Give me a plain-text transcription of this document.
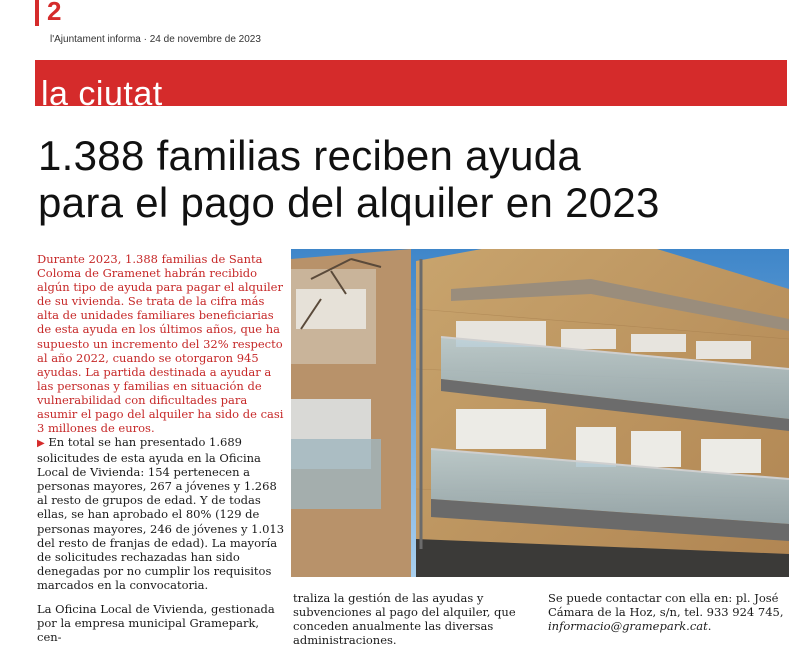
2
l'Ajuntament informa · 24 de novembre de 2023
la ciutat
1.388 familias reciben ayuda
para el pago del alquiler en 2023
Durante 2023, 1.388 familias de Santa Coloma de Gramenet habrán recibido algún tipo de ayuda para pagar el alquiler de su vivienda. Se trata de la cifra más alta de unidades familiares beneficiarias de esta ayuda en los últimos años, que ha supuesto un incremento del 32% respecto al año 2022, cuando se otorgaron 945 ayudas. La partida destinada a ayudar a las personas y familias en situación de vulnerabilidad con dificultades para asumir el pago del alquiler ha sido de casi 3 millones de euros.
▶ En total se han presentado 1.689 solicitudes de esta ayuda en la Oficina Local de Vivienda: 154 pertenecen a personas mayores, 267 a jóvenes y 1.268 al resto de grupos de edad. Y de todas ellas, se han aprobado el 80% (129 de personas mayores, 246 de jóvenes y 1.013 del resto de franjas de edad). La mayoría de solicitudes rechazadas han sido denegadas por no cumplir los requisitos marcados en la convocatoria.
La Oficina Local de Vivienda, gestionada por la empresa municipal Gramepark, cen-
traliza la gestión de las ayudas y subvenciones al pago del alquiler, que conceden anualmente las diversas administraciones.
Se puede contactar con ella en: pl. José Cámara de la Hoz, s/n, tel. 933 924 745, informacio@gramepark.cat.
